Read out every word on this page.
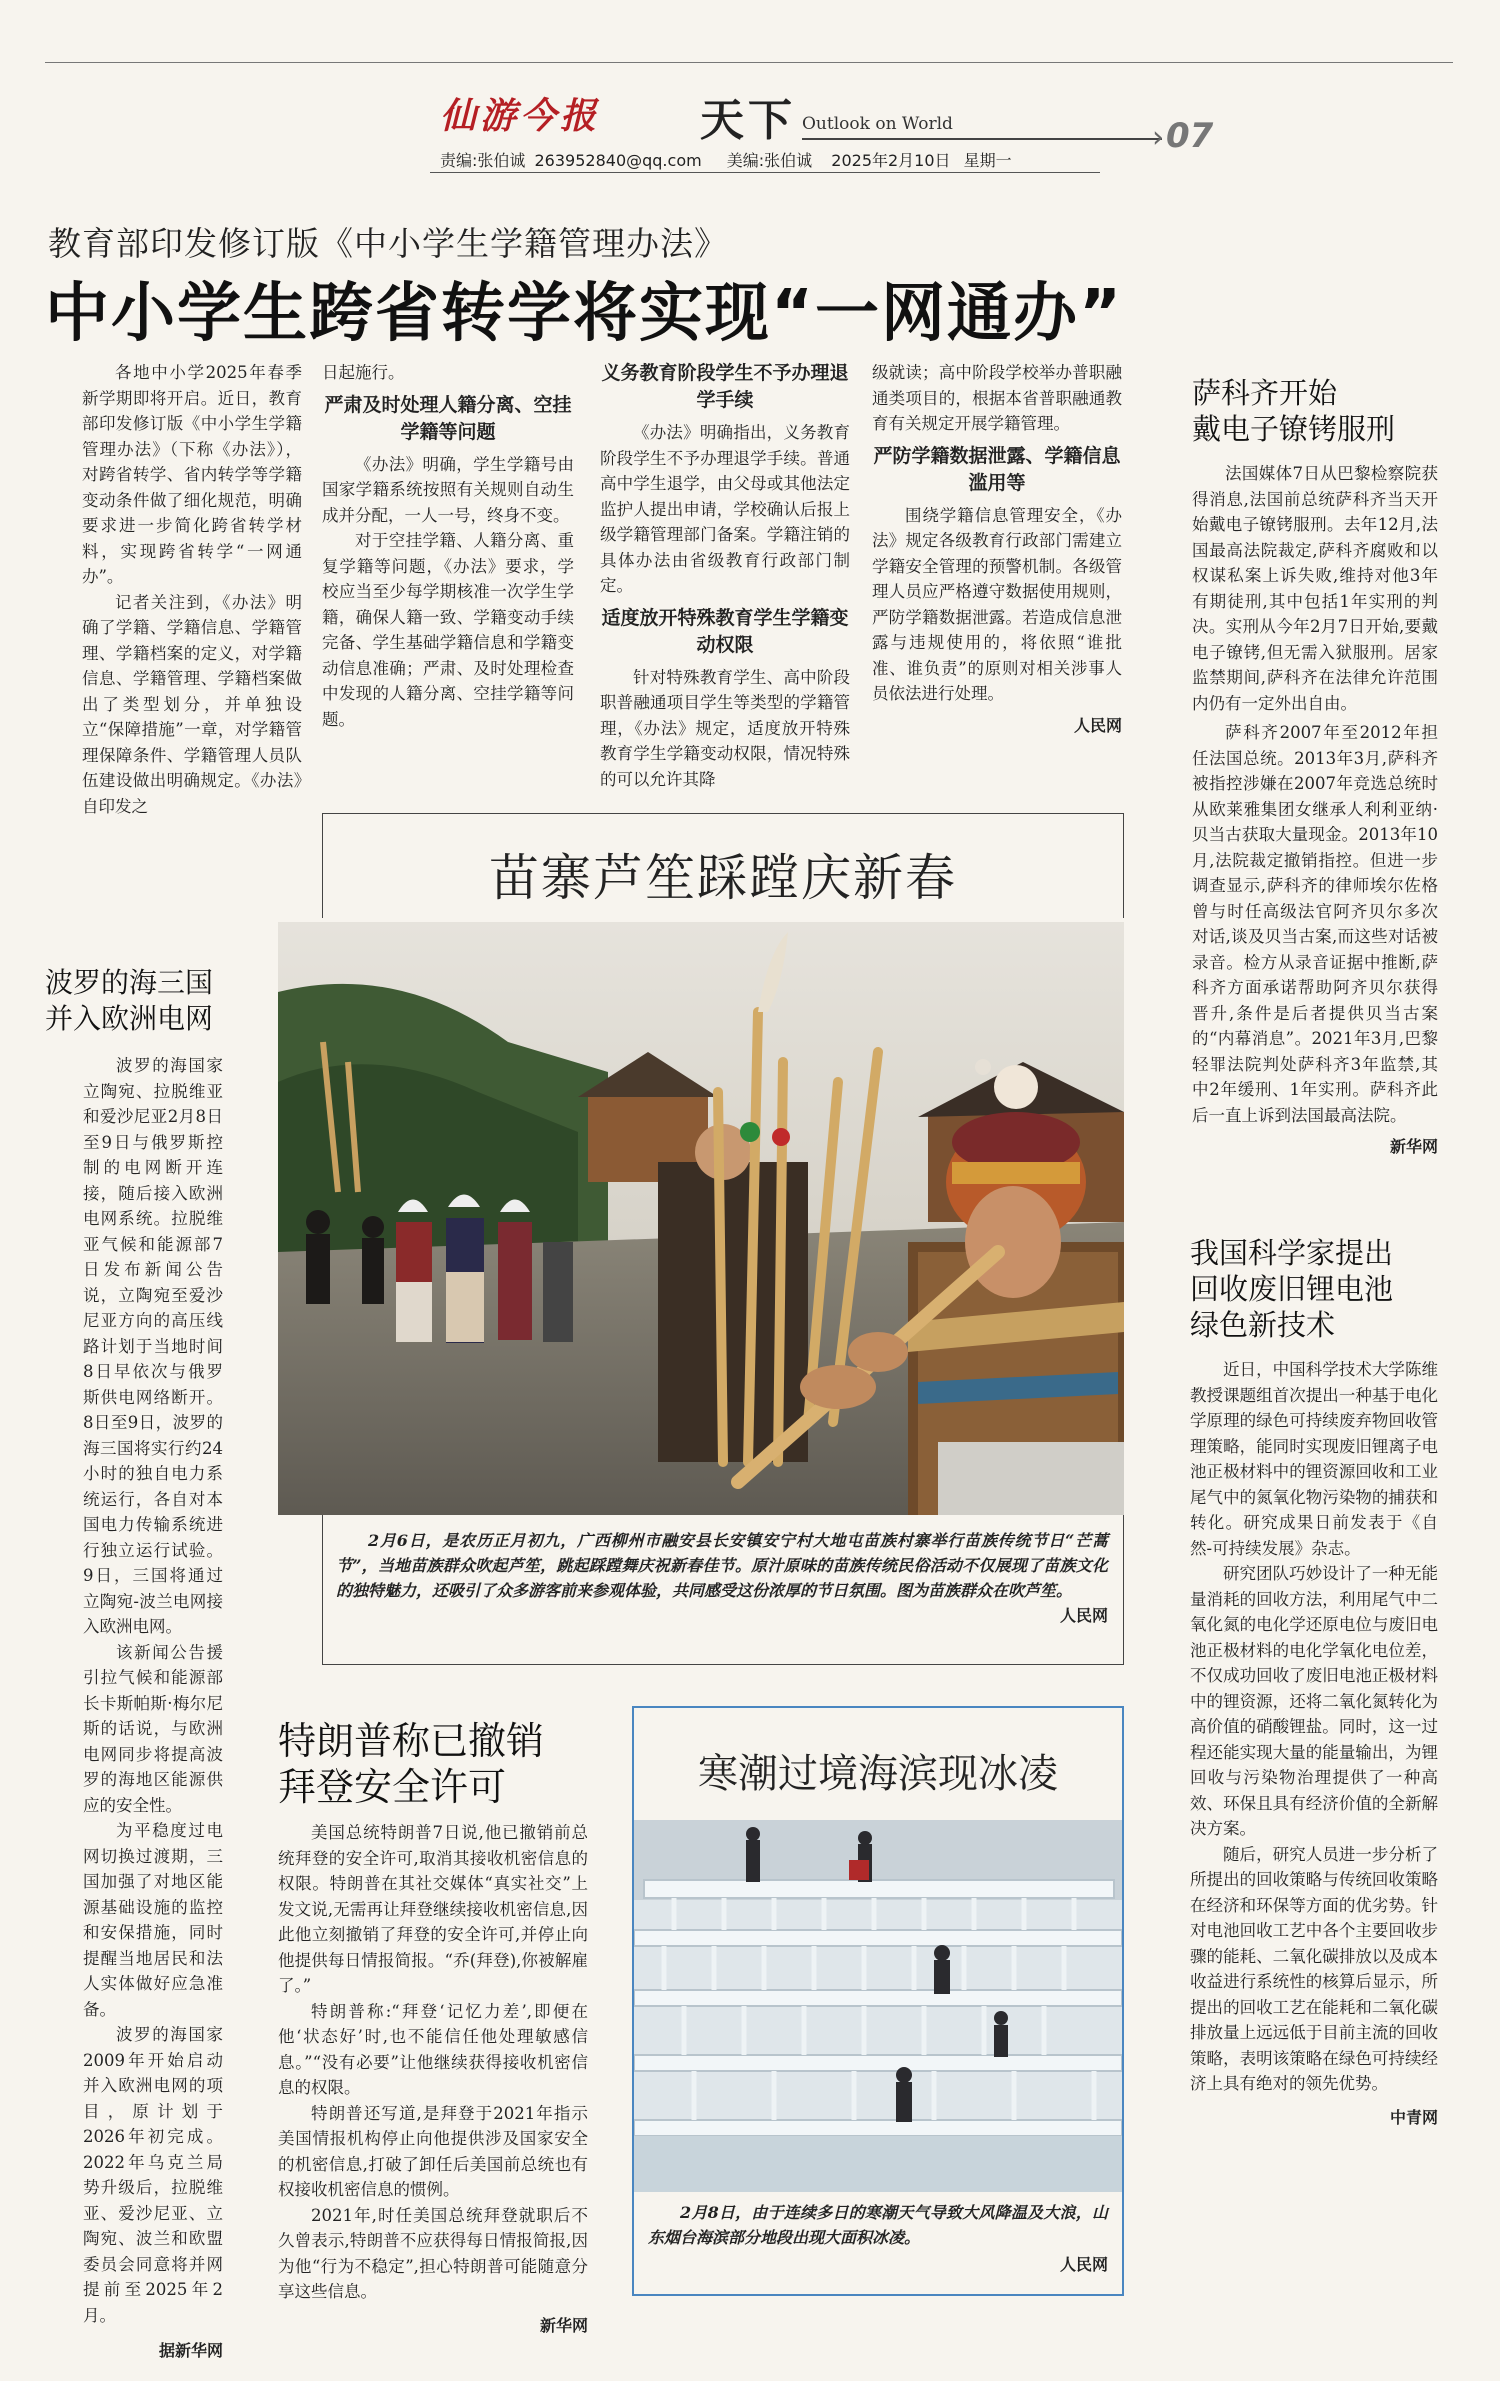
仙游今报 天下 Outlook on World	› 07
责编:张伯诚 263952840@qq.com 美编:张伯诚 2025年2月10日 星期一
教育部印发修订版《中小学生学籍管理办法》
中小学生跨省转学将实现“一网通办”

各地中小学2025年春季新学期即将开启。近日，教育部印发修订版《中小学生学籍管理办法》（下称《办法》），对跨省转学、省内转学等学籍变动条件做了细化规范，明确要求进一步简化跨省转学材料，实现跨省转学“一网通办”。

记者关注到，《办法》明确了学籍、学籍信息、学籍管理、学籍档案的定义，对学籍信息、学籍管理、学籍档案做出了类型划分，并单独设立“保障措施”一章，对学籍管理保障条件、学籍管理人员队伍建设做出明确规定。《办法》自印发之

日起施行。

严肃及时处理人籍分离、空挂学籍等问题

《办法》明确，学生学籍号由国家学籍系统按照有关规则自动生成并分配，一人一号，终身不变。

对于空挂学籍、人籍分离、重复学籍等问题，《办法》要求，学校应当至少每学期核准一次学生学籍，确保人籍一致、学籍变动手续完备、学生基础学籍信息和学籍变动信息准确；严肃、及时处理检查中发现的人籍分离、空挂学籍等问题。

义务教育阶段学生不予办理退学手续

《办法》明确指出，义务教育阶段学生不予办理退学手续。普通高中学生退学，由父母或其他法定监护人提出申请，学校确认后报上级学籍管理部门备案。学籍注销的具体办法由省级教育行政部门制定。

适度放开特殊教育学生学籍变动权限

针对特殊教育学生、高中阶段职普融通项目学生等类型的学籍管理，《办法》规定，适度放开特殊教育学生学籍变动权限，情况特殊的可以允许其降

级就读；高中阶段学校举办普职融通类项目的，根据本省普职融通教育有关规定开展学籍管理。

严防学籍数据泄露、学籍信息滥用等

围绕学籍信息管理安全，《办法》规定各级教育行政部门需建立学籍安全管理的预警机制。各级管理人员应严格遵守数据使用规则，严防学籍数据泄露。若造成信息泄露与违规使用的，将依照“谁批准、谁负责”的原则对相关涉事人员依法进行处理。

人民网
萨科齐开始
戴电子镣铐服刑

法国媒体7日从巴黎检察院获得消息,法国前总统萨科齐当天开始戴电子镣铐服刑。去年12月,法国最高法院裁定,萨科齐腐败和以权谋私案上诉失败,维持对他3年有期徒刑,其中包括1年实刑的判决。实刑从今年2月7日开始,要戴电子镣铐,但无需入狱服刑。居家监禁期间,萨科齐在法律允许范围内仍有一定外出自由。

萨科齐2007年至2012年担任法国总统。2013年3月,萨科齐被指控涉嫌在2007年竞选总统时从欧莱雅集团女继承人利利亚纳·贝当古获取大量现金。2013年10月,法院裁定撤销指控。但进一步调查显示,萨科齐的律师埃尔佐格曾与时任高级法官阿齐贝尔多次对话,谈及贝当古案,而这些对话被录音。检方从录音证据中推断,萨科齐方面承诺帮助阿齐贝尔获得晋升,条件是后者提供贝当古案的“内幕消息”。2021年3月,巴黎轻罪法院判处萨科齐3年监禁,其中2年缓刑、1年实刑。萨科齐此后一直上诉到法国最高法院。

新华网
苗寨芦笙踩蹚庆新春

2月6日，是农历正月初九，广西柳州市融安县长安镇安宁村大地屯苗族村寨举行苗族传统节日“芒蒿节”，当地苗族群众吹起芦笙，跳起踩蹚舞庆祝新春佳节。原汁原味的苗族传统民俗活动不仅展现了苗族文化的独特魅力，还吸引了众多游客前来参观体验，共同感受这份浓厚的节日氛围。图为苗族群众在吹芦笙。

人民网
波罗的海三国
并入欧洲电网

波罗的海国家立陶宛、拉脱维亚和爱沙尼亚2月8日至9日与俄罗斯控制的电网断开连接，随后接入欧洲电网系统。拉脱维亚气候和能源部7日发布新闻公告说，立陶宛至爱沙尼亚方向的高压线路计划于当地时间8日早依次与俄罗斯供电网络断开。8日至9日，波罗的海三国将实行约24小时的独自电力系统运行，各自对本国电力传输系统进行独立运行试验。9日，三国将通过立陶宛-波兰电网接入欧洲电网。

该新闻公告援引拉气候和能源部长卡斯帕斯·梅尔尼斯的话说，与欧洲电网同步将提高波罗的海地区能源供应的安全性。

为平稳度过电网切换过渡期，三国加强了对地区能源基础设施的监控和安保措施，同时提醒当地居民和法人实体做好应急准备。

波罗的海国家2009年开始启动并入欧洲电网的项目，原计划于2026年初完成。2022年乌克兰局势升级后，拉脱维亚、爱沙尼亚、立陶宛、波兰和欧盟委员会同意将并网提前至2025年2月。

据新华网
特朗普称已撤销
拜登安全许可

美国总统特朗普7日说,他已撤销前总统拜登的安全许可,取消其接收机密信息的权限。特朗普在其社交媒体“真实社交”上发文说,无需再让拜登继续接收机密信息,因此他立刻撤销了拜登的安全许可,并停止向他提供每日情报简报。“乔(拜登),你被解雇了。”

特朗普称:“拜登‘记忆力差’,即便在他‘状态好’时,也不能信任他处理敏感信息。”“没有必要”让他继续获得接收机密信息的权限。

特朗普还写道,是拜登于2021年指示美国情报机构停止向他提供涉及国家安全的机密信息,打破了卸任后美国前总统也有权接收机密信息的惯例。

2021年,时任美国总统拜登就职后不久曾表示,特朗普不应获得每日情报简报,因为他“行为不稳定”,担心特朗普可能随意分享这些信息。

新华网
寒潮过境海滨现冰凌

2月8日，由于连续多日的寒潮天气导致大风降温及大浪，山东烟台海滨部分地段出现大面积冰凌。

人民网
我国科学家提出
回收废旧锂电池
绿色新技术

近日，中国科学技术大学陈维教授课题组首次提出一种基于电化学原理的绿色可持续废弃物回收管理策略，能同时实现废旧锂离子电池正极材料中的锂资源回收和工业尾气中的氮氧化物污染物的捕获和转化。研究成果日前发表于《自然-可持续发展》杂志。

研究团队巧妙设计了一种无能量消耗的回收方法，利用尾气中二氧化氮的电化学还原电位与废旧电池正极材料的电化学氧化电位差，不仅成功回收了废旧电池正极材料中的锂资源，还将二氧化氮转化为高价值的硝酸锂盐。同时，这一过程还能实现大量的能量输出，为锂回收与污染物治理提供了一种高效、环保且具有经济价值的全新解决方案。

随后，研究人员进一步分析了所提出的回收策略与传统回收策略在经济和环保等方面的优劣势。针对电池回收工艺中各个主要回收步骤的能耗、二氧化碳排放以及成本收益进行系统性的核算后显示，所提出的回收工艺在能耗和二氧化碳排放量上远远低于目前主流的回收策略，表明该策略在绿色可持续经济上具有绝对的领先优势。

中青网
